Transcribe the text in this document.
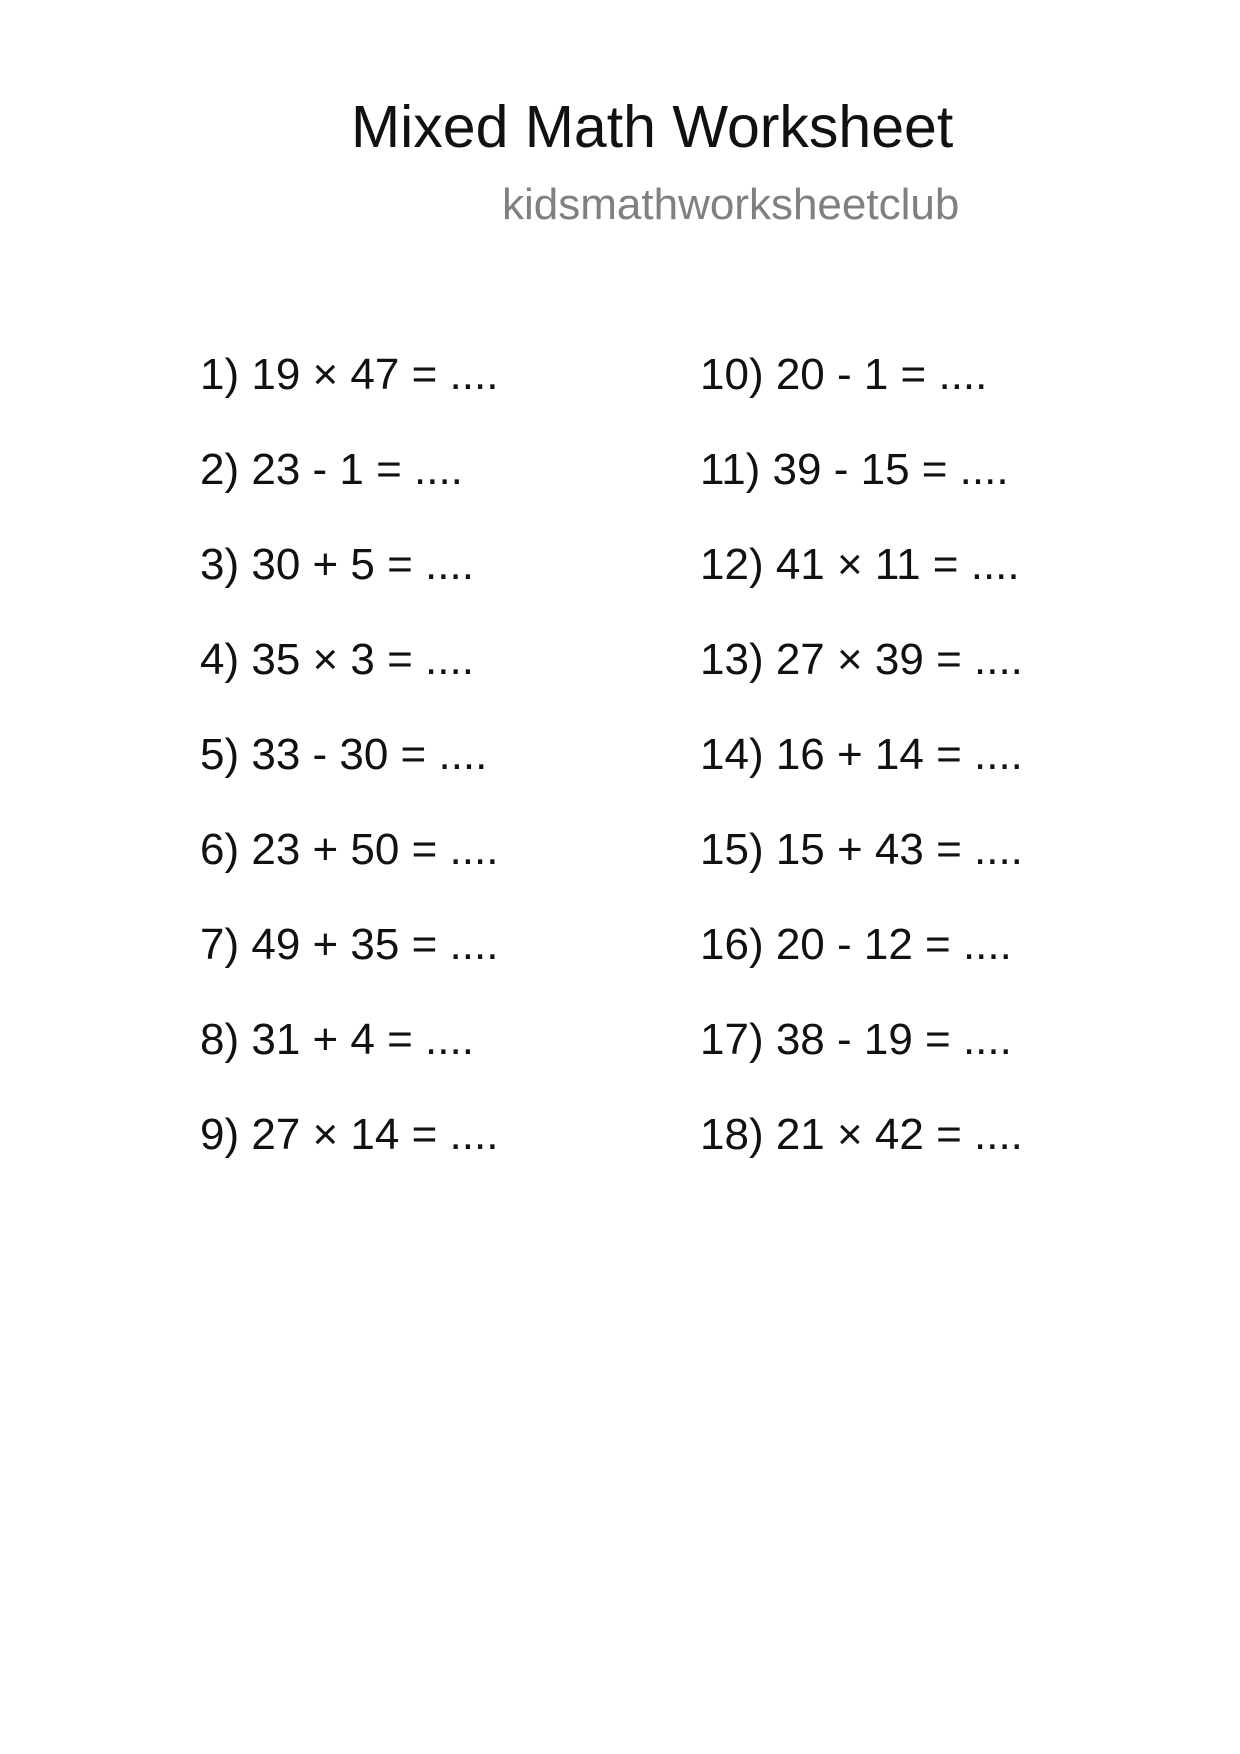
Mixed Math Worksheet
kidsmathworksheetclub
1) 19 × 47 = ....
2) 23 - 1 = ....
3) 30 + 5 = ....
4) 35 × 3 = ....
5) 33 - 30 = ....
6) 23 + 50 = ....
7) 49 + 35 = ....
8) 31 + 4 = ....
9) 27 × 14 = ....
10) 20 - 1 = ....
11) 39 - 15 = ....
12) 41 × 11 = ....
13) 27 × 39 = ....
14) 16 + 14 = ....
15) 15 + 43 = ....
16) 20 - 12 = ....
17) 38 - 19 = ....
18) 21 × 42 = ....
